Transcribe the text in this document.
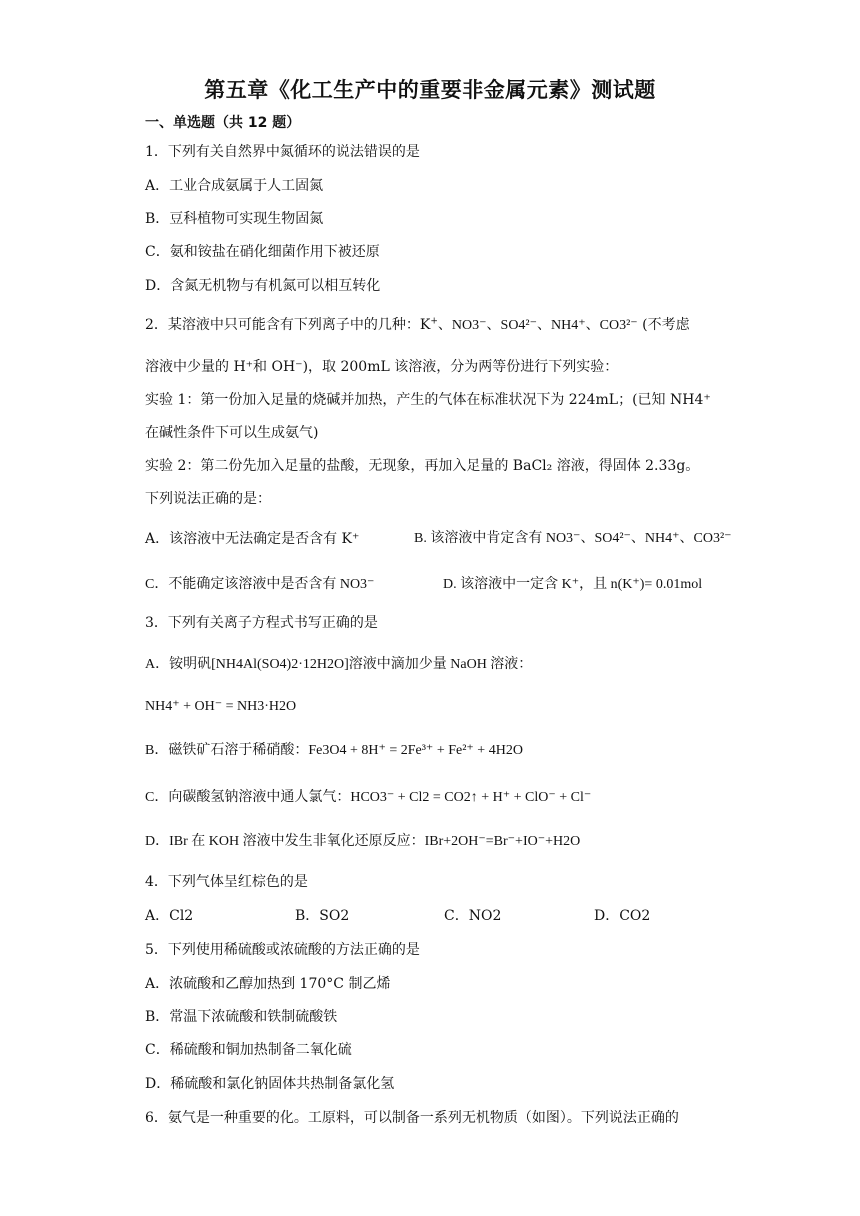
第五章《化工生产中的重要非金属元素》测试题
一、单选题（共 12 题）
1．下列有关自然界中氮循环的说法错误的是
A．工业合成氨属于人工固氮
B．豆科植物可实现生物固氮
C．氨和铵盐在硝化细菌作用下被还原
D．含氮无机物与有机氮可以相互转化
2．某溶液中只可能含有下列离子中的几种：K+、NO3⁻、SO4²⁻、NH4⁺、CO3²⁻ (不考虑
溶液中少量的 H⁺和 OH⁻)，取 200mL 该溶液，分为两等份进行下列实验：
实验 1：第一份加入足量的烧碱并加热，产生的气体在标准状况下为 224mL；(已知 NH4⁺
在碱性条件下可以生成氨气)
实验 2：第二份先加入足量的盐酸，无现象，再加入足量的 BaCl₂ 溶液，得固体 2.33g。
下列说法正确的是：
A．该溶液中无法确定是否含有 K⁺	B. 该溶液中肯定含有 NO3⁻、SO4²⁻、NH4⁺、CO3²⁻
C．不能确定该溶液中是否含有 NO3⁻	D. 该溶液中一定含 K⁺，且 n(K⁺)= 0.01mol
3．下列有关离子方程式书写正确的是
A．铵明矾[NH4Al(SO4)2·12H2O]溶液中滴加少量 NaOH 溶液：
NH4⁺ + OH⁻ = NH3·H2O
B．磁铁矿石溶于稀硝酸：Fe3O4 + 8H⁺ = 2Fe³⁺ + Fe²⁺ + 4H2O
C．向碳酸氢钠溶液中通人氯气：HCO3⁻ + Cl2 = CO2↑ + H⁺ + ClO⁻ + Cl⁻
D．IBr 在 KOH 溶液中发生非氧化还原反应：IBr+2OH⁻=Br⁻+IO⁻+H2O
4．下列气体呈红棕色的是
A．Cl2	B．SO2	C．NO2	D．CO2
5．下列使用稀硫酸或浓硫酸的方法正确的是
A．浓硫酸和乙醇加热到 170°C 制乙烯
B．常温下浓硫酸和铁制硫酸铁
C．稀硫酸和铜加热制备二氧化硫
D．稀硫酸和氯化钠固体共热制备氯化氢
6．氨气是一种重要的化。工原料，可以制备一系列无机物质（如图）。下列说法正确的
